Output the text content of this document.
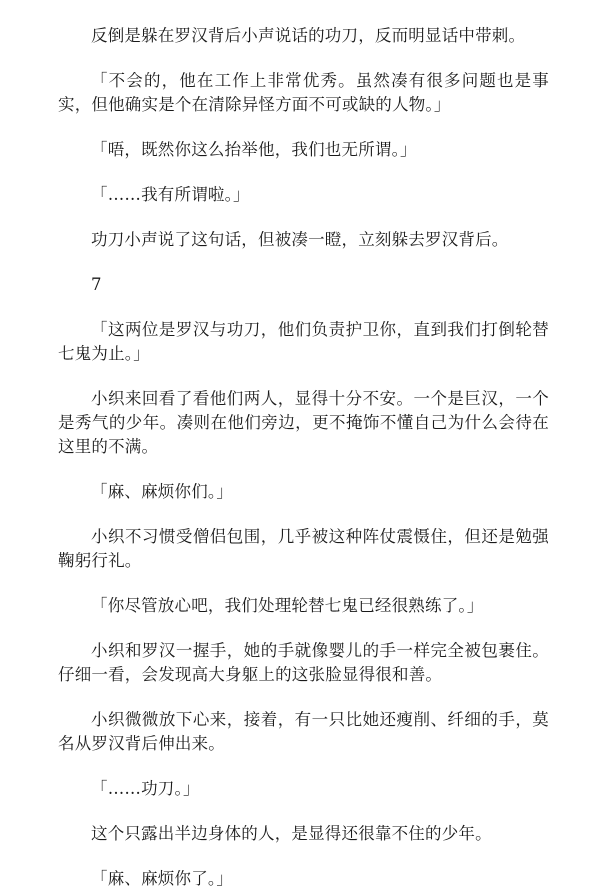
反倒是躲在罗汉背后小声说话的功刀，反而明显话中带刺。

「不会的，他在工作上非常优秀。虽然凑有很多问题也是事实，但他确实是个在清除异怪方面不可或缺的人物。」

「唔，既然你这么抬举他，我们也无所谓。」

「……我有所谓啦。」

功刀小声说了这句话，但被凑一瞪，立刻躲去罗汉背后。

7

「这两位是罗汉与功刀，他们负责护卫你，直到我们打倒轮替七鬼为止。」

小织来回看了看他们两人，显得十分不安。一个是巨汉，一个是秀气的少年。凑则在他们旁边，更不掩饰不懂自己为什么会待在这里的不满。

「麻、麻烦你们。」

小织不习惯受僧侣包围，几乎被这种阵仗震慑住，但还是勉强鞠躬行礼。

「你尽管放心吧，我们处理轮替七鬼已经很熟练了。」

小织和罗汉一握手，她的手就像婴儿的手一样完全被包裹住。仔细一看，会发现高大身躯上的这张脸显得很和善。

小织微微放下心来，接着，有一只比她还瘦削、纤细的手，莫名从罗汉背后伸出来。

「……功刀。」

这个只露出半边身体的人，是显得还很靠不住的少年。

「麻、麻烦你了。」
